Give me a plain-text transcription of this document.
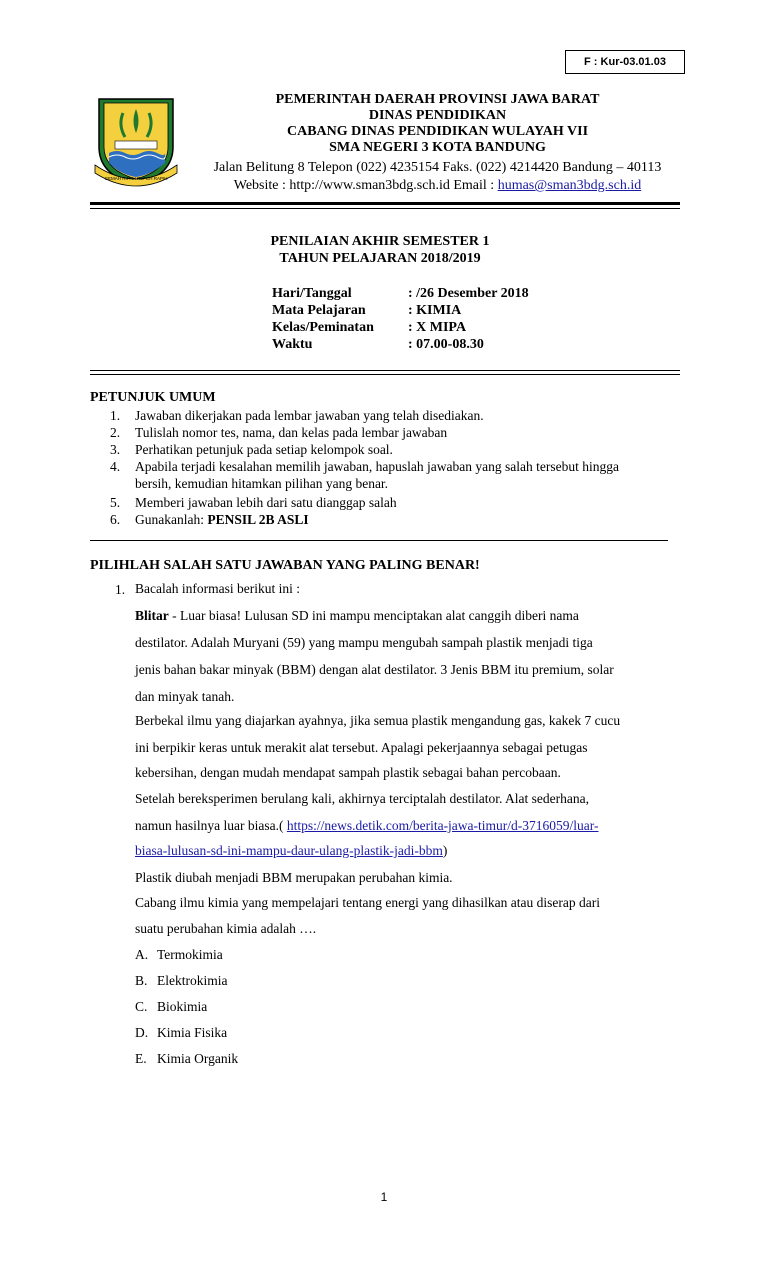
F : Kur-03.01.03
GEMAH RIPAH REPEH RAPIH
PEMERINTAH DAERAH PROVINSI JAWA BARAT
DINAS PENDIDIKAN
CABANG DINAS PENDIDIKAN WULAYAH VII
SMA NEGERI 3 KOTA BANDUNG
Jalan Belitung 8 Telepon (022) 4235154 Faks. (022) 4214420 Bandung – 40113
Website : http://www.sman3bdg.sch.id Email : humas@sman3bdg.sch.id
PENILAIAN AKHIR SEMESTER 1
TAHUN PELAJARAN 2018/2019
Hari/Tanggal	: /26 Desember 2018
Mata Pelajaran	: KIMIA
Kelas/Peminatan : X MIPA
Waktu	: 07.00-08.30
PETUNJUK UMUM
1. Jawaban dikerjakan pada lembar jawaban yang telah disediakan.
2. Tulislah nomor tes, nama, dan kelas pada lembar jawaban
3. Perhatikan petunjuk pada setiap kelompok soal.
4. Apabila terjadi kesalahan memilih jawaban, hapuslah jawaban yang salah tersebut hingga
bersih, kemudian hitamkan pilihan yang benar.
5. Memberi jawaban lebih dari satu dianggap salah
6. Gunakanlah: PENSIL 2B ASLI
PILIHLAH SALAH SATU JAWABAN YANG PALING BENAR!
1. Bacalah informasi berikut ini :
Blitar - Luar biasa! Lulusan SD ini mampu menciptakan alat canggih diberi nama
destilator. Adalah Muryani (59) yang mampu mengubah sampah plastik menjadi tiga
jenis bahan bakar minyak (BBM) dengan alat destilator. 3 Jenis BBM itu premium, solar
dan minyak tanah.
Berbekal ilmu yang diajarkan ayahnya, jika semua plastik mengandung gas, kakek 7 cucu
ini berpikir keras untuk merakit alat tersebut. Apalagi pekerjaannya sebagai petugas
kebersihan, dengan mudah mendapat sampah plastik sebagai bahan percobaan.
Setelah bereksperimen berulang kali, akhirnya terciptalah destilator. Alat sederhana,
namun hasilnya luar biasa.( https://news.detik.com/berita-jawa-timur/d-3716059/luar-
biasa-lulusan-sd-ini-mampu-daur-ulang-plastik-jadi-bbm)
Plastik diubah menjadi BBM merupakan perubahan kimia.
Cabang ilmu kimia yang mempelajari tentang energi yang dihasilkan atau diserap dari
suatu perubahan kimia adalah ….
A. Termokimia
B. Elektrokimia
C. Biokimia
D. Kimia Fisika
E. Kimia Organik
1
